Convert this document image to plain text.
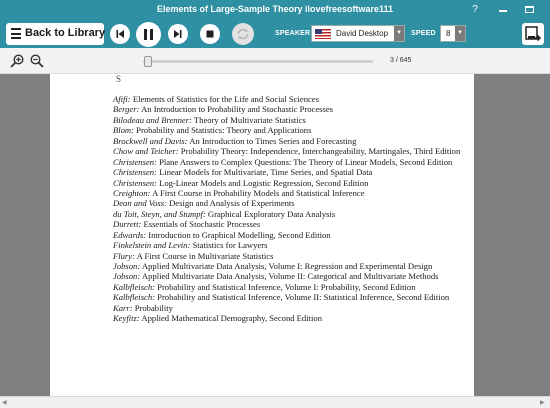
Elements of Large-Sample Theory ilovefreesoftware111	?
Back to Library	SPEAKER	David Desktop	▼ SPEED 8	▼
3 / 645
S
Afifi: Elements of Statistics for the Life and Social Sciences
Berger: An Introduction to Probability and Stochastic Processes
Bilodeau and Brenner: Theory of Multivariate Statistics
Blom: Probability and Statistics: Theory and Applications
Brockwell and Davis: An Introduction to Times Series and Forecasting
Chow and Teicher: Probability Theory: Independence, Interchangeability, Martingales, Third Edition
Christensen: Plane Answers to Complex Questions: The Theory of Linear Models, Second Edition
Christensen: Linear Models for Multivariate, Time Series, and Spatial Data
Christensen: Log-Linear Models and Logistic Regression, Second Edition
Creighton: A First Course in Probability Models and Statistical Inference
Dean and Voss: Design and Analysis of Experiments
du Toit, Steyn, and Stumpf: Graphical Exploratory Data Analysis
Durrett: Essentials of Stochastic Processes
Edwards: Introduction to Graphical Modelling, Second Edition
Finkelstein and Levin: Statistics for Lawyers
Flury: A First Course in Multivariate Statistics
Jobson: Applied Multivariate Data Analysis, Volume I: Regression and Experimental Design
Jobson: Applied Multivariate Data Analysis, Volume II: Categorical and Multivariate Methods
Kalbfleisch: Probability and Statistical Inference, Volume I: Probability, Second Edition
Kalbfleisch: Probability and Statistical Inference, Volume II: Statistical Inference, Second Edition
Karr: Probability
Keyfitz: Applied Mathematical Demography, Second Edition
◀	▶
